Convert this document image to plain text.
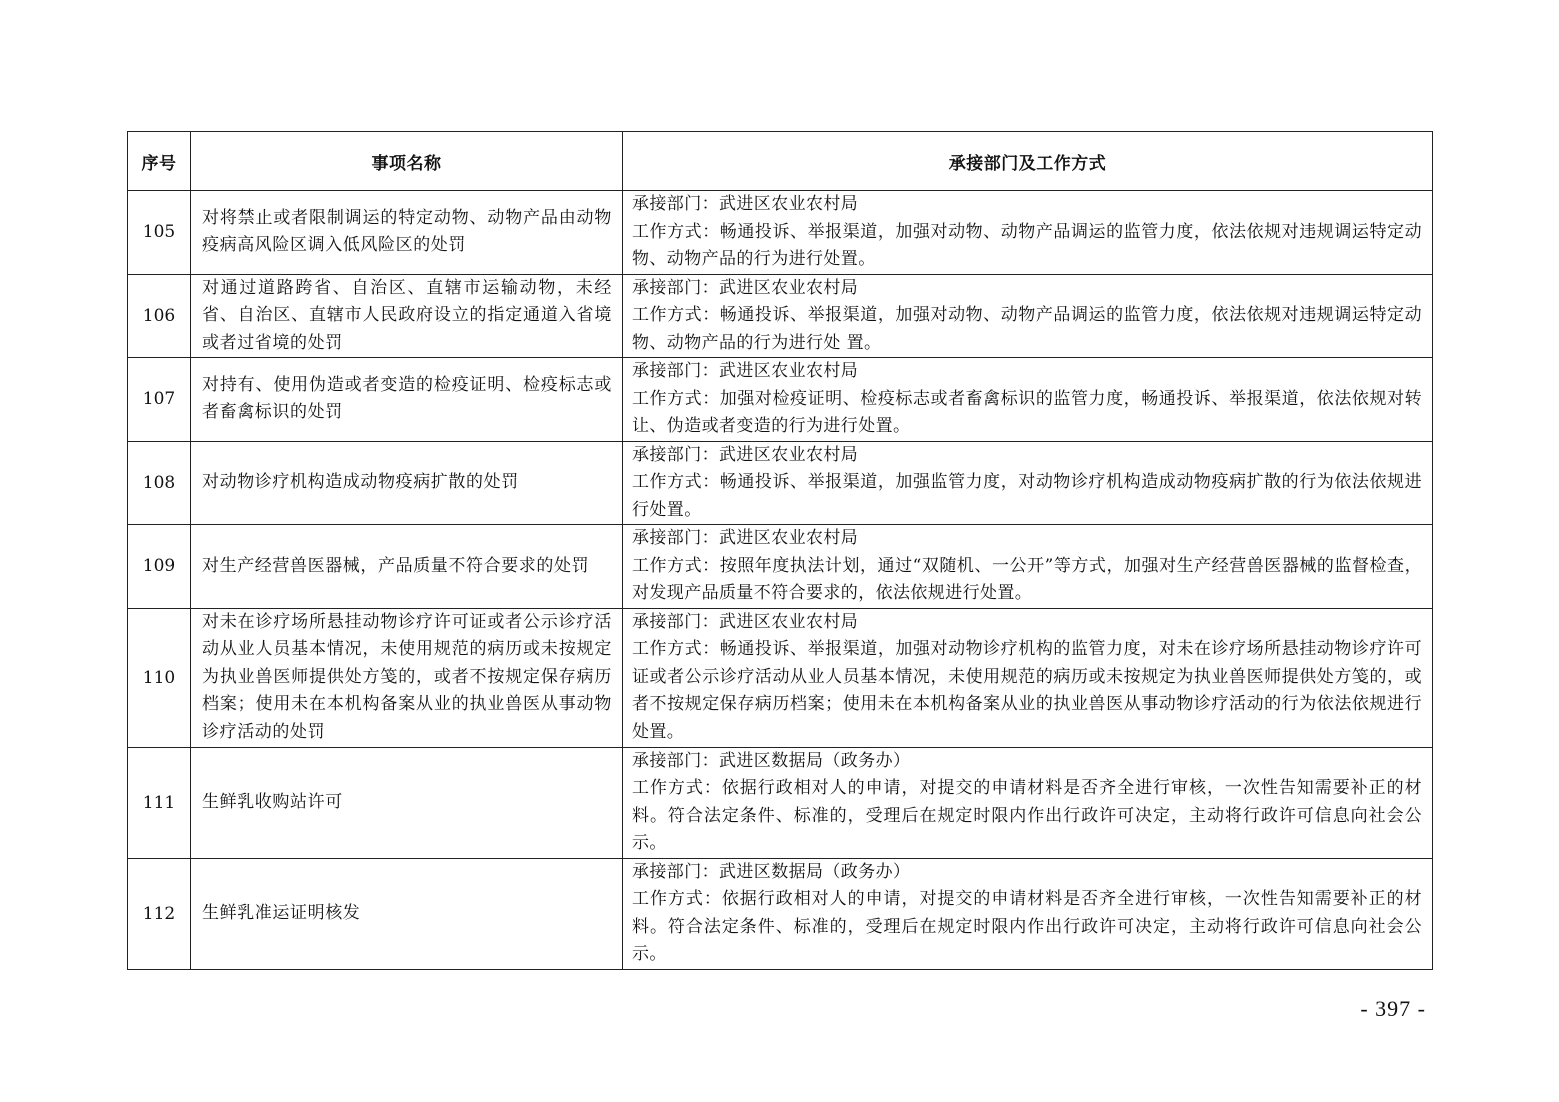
序号	事项名称	承接部门及工作方式
105	对将禁止或者限制调运的特定动物、动物产品由动物疫病高风险区调入低风险区的处罚	承接部门：武进区农业农村局
工作方式：畅通投诉、举报渠道，加强对动物、动物产品调运的监管力度，依法依规对违规调运特定动物、动物产品的行为进行处置。

106	对通过道路跨省、自治区、直辖市运输动物，未经省、自治区、直辖市人民政府设立的指定通道入省境或者过省境的处罚	承接部门：武进区农业农村局
工作方式：畅通投诉、举报渠道，加强对动物、动物产品调运的监管力度，依法依规对违规调运特定动物、动物产品的行为进行处 置。

107	对持有、使用伪造或者变造的检疫证明、检疫标志或者畜禽标识的处罚	承接部门：武进区农业农村局
工作方式：加强对检疫证明、检疫标志或者畜禽标识的监管力度，畅通投诉、举报渠道，依法依规对转让、伪造或者变造的行为进行处置。

108	对动物诊疗机构造成动物疫病扩散的处罚	承接部门：武进区农业农村局
工作方式：畅通投诉、举报渠道，加强监管力度，对动物诊疗机构造成动物疫病扩散的行为依法依规进行处置。

109	对生产经营兽医器械，产品质量不符合要求的处罚	承接部门：武进区农业农村局
工作方式：按照年度执法计划，通过“双随机、一公开”等方式，加强对生产经营兽医器械的监督检查，对发现产品质量不符合要求的，依法依规进行处置。

110	对未在诊疗场所悬挂动物诊疗许可证或者公示诊疗活动从业人员基本情况，未使用规范的病历或未按规定为执业兽医师提供处方笺的，或者不按规定保存病历档案；使用未在本机构备案从业的执业兽医从事动物诊疗活动的处罚	承接部门：武进区农业农村局
工作方式：畅通投诉、举报渠道，加强对动物诊疗机构的监管力度，对未在诊疗场所悬挂动物诊疗许可证或者公示诊疗活动从业人员基本情况，未使用规范的病历或未按规定为执业兽医师提供处方笺的，或者不按规定保存病历档案；使用未在本机构备案从业的执业兽医从事动物诊疗活动的行为依法依规进行处置。

111	生鲜乳收购站许可	承接部门：武进区数据局（政务办）
工作方式：依据行政相对人的申请，对提交的申请材料是否齐全进行审核，一次性告知需要补正的材料。符合法定条件、标准的，受理后在规定时限内作出行政许可决定，主动将行政许可信息向社会公示。

112	生鲜乳准运证明核发	承接部门：武进区数据局（政务办）
工作方式：依据行政相对人的申请，对提交的申请材料是否齐全进行审核，一次性告知需要补正的材料。符合法定条件、标准的，受理后在规定时限内作出行政许可决定，主动将行政许可信息向社会公示。
- 397 -
